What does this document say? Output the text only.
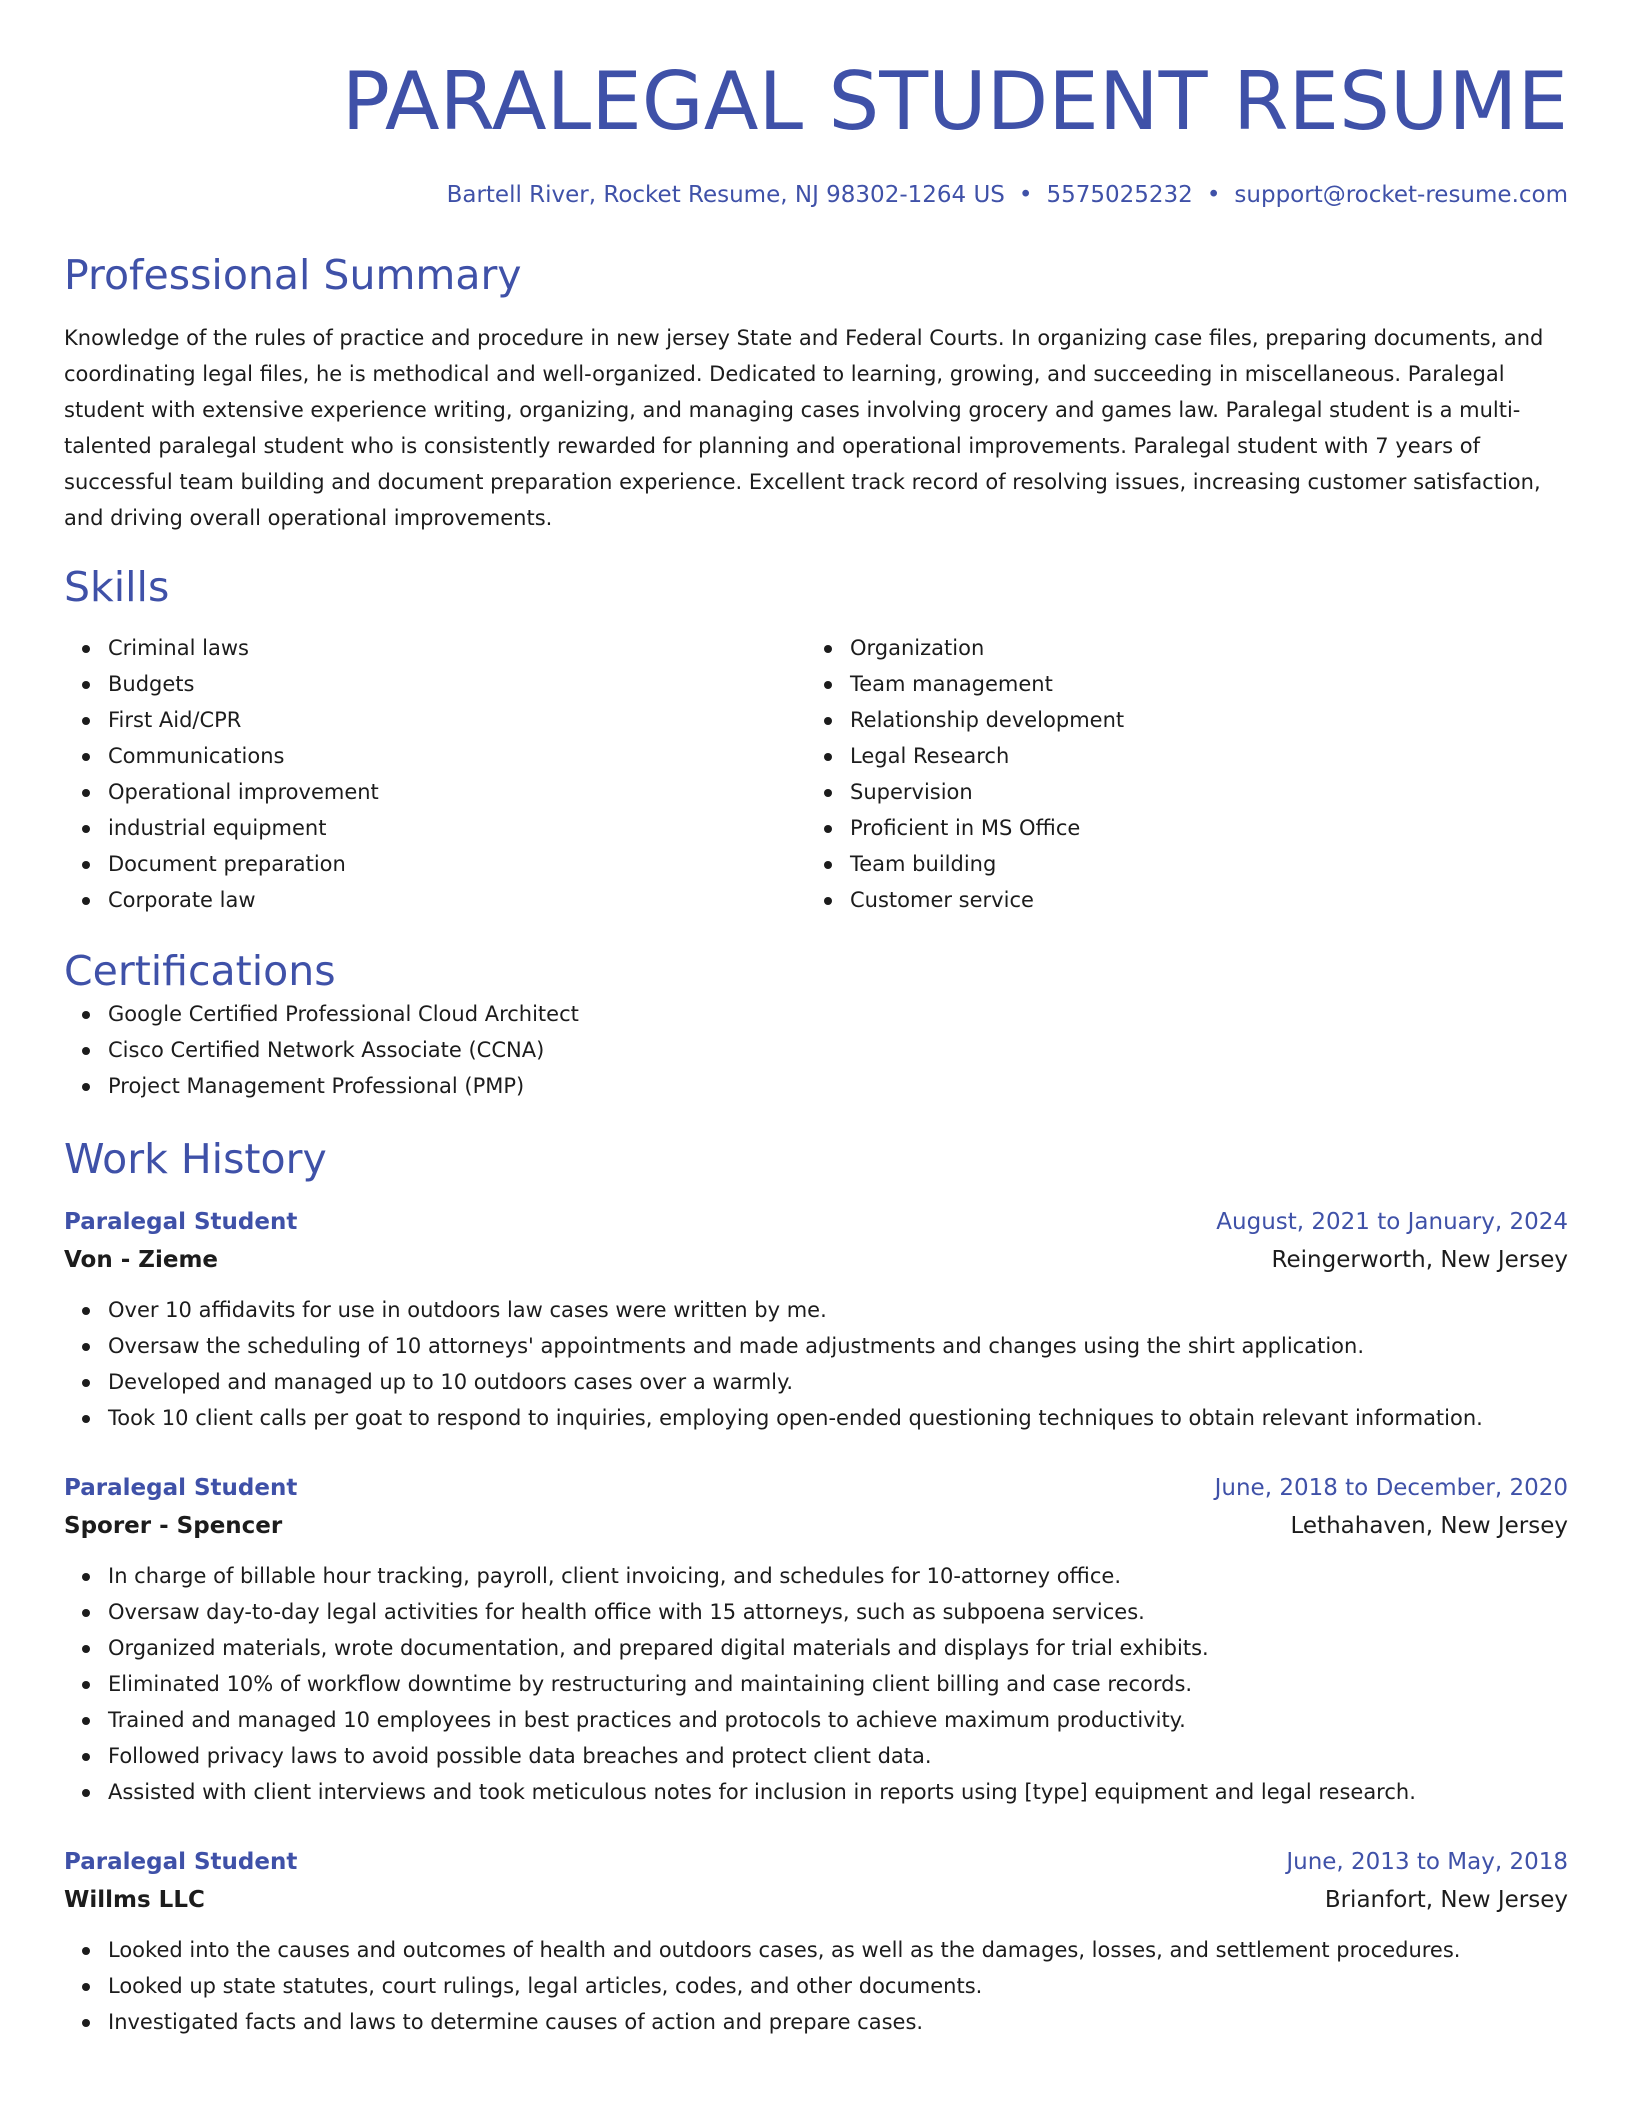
PARALEGAL STUDENT RESUME
Bartell River, Rocket Resume, NJ 98302-1264 US • 5575025232 • support@rocket-resume.com
Professional Summary

Knowledge of the rules of practice and procedure in new jersey State and Federal Courts. In organizing case files, preparing documents, and coordinating legal files, he is methodical and well-organized. Dedicated to learning, growing, and succeeding in miscellaneous. Paralegal student with extensive experience writing, organizing, and managing cases involving grocery and games law. Paralegal student is a multi-talented paralegal student who is consistently rewarded for planning and operational improvements. Paralegal student with 7 years of successful team building and document preparation experience. Excellent track record of resolving issues, increasing customer satisfaction, and driving overall operational improvements.

Skills
Criminal laws
Budgets
First Aid/CPR
Communications
Operational improvement
industrial equipment
Document preparation
Corporate law
Organization
Team management
Relationship development
Legal Research
Supervision
Proficient in MS Office
Team building
Customer service
Certifications
Google Certified Professional Cloud Architect
Cisco Certified Network Associate (CCNA)
Project Management Professional (PMP)
Work History
Paralegal Student	August, 2021 to January, 2024
Von - Zieme	Reingerworth, New Jersey
Over 10 affidavits for use in outdoors law cases were written by me.
Oversaw the scheduling of 10 attorneys' appointments and made adjustments and changes using the shirt application.
Developed and managed up to 10 outdoors cases over a warmly.
Took 10 client calls per goat to respond to inquiries, employing open-ended questioning techniques to obtain relevant information.
Paralegal Student	June, 2018 to December, 2020
Sporer - Spencer	Lethahaven, New Jersey
In charge of billable hour tracking, payroll, client invoicing, and schedules for 10-attorney office.
Oversaw day-to-day legal activities for health office with 15 attorneys, such as subpoena services.
Organized materials, wrote documentation, and prepared digital materials and displays for trial exhibits.
Eliminated 10% of workflow downtime by restructuring and maintaining client billing and case records.
Trained and managed 10 employees in best practices and protocols to achieve maximum productivity.
Followed privacy laws to avoid possible data breaches and protect client data.
Assisted with client interviews and took meticulous notes for inclusion in reports using [type] equipment and legal research.
Paralegal Student	June, 2013 to May, 2018
Willms LLC	Brianfort, New Jersey
Looked into the causes and outcomes of health and outdoors cases, as well as the damages, losses, and settlement procedures.
Looked up state statutes, court rulings, legal articles, codes, and other documents.
Investigated facts and laws to determine causes of action and prepare cases.
